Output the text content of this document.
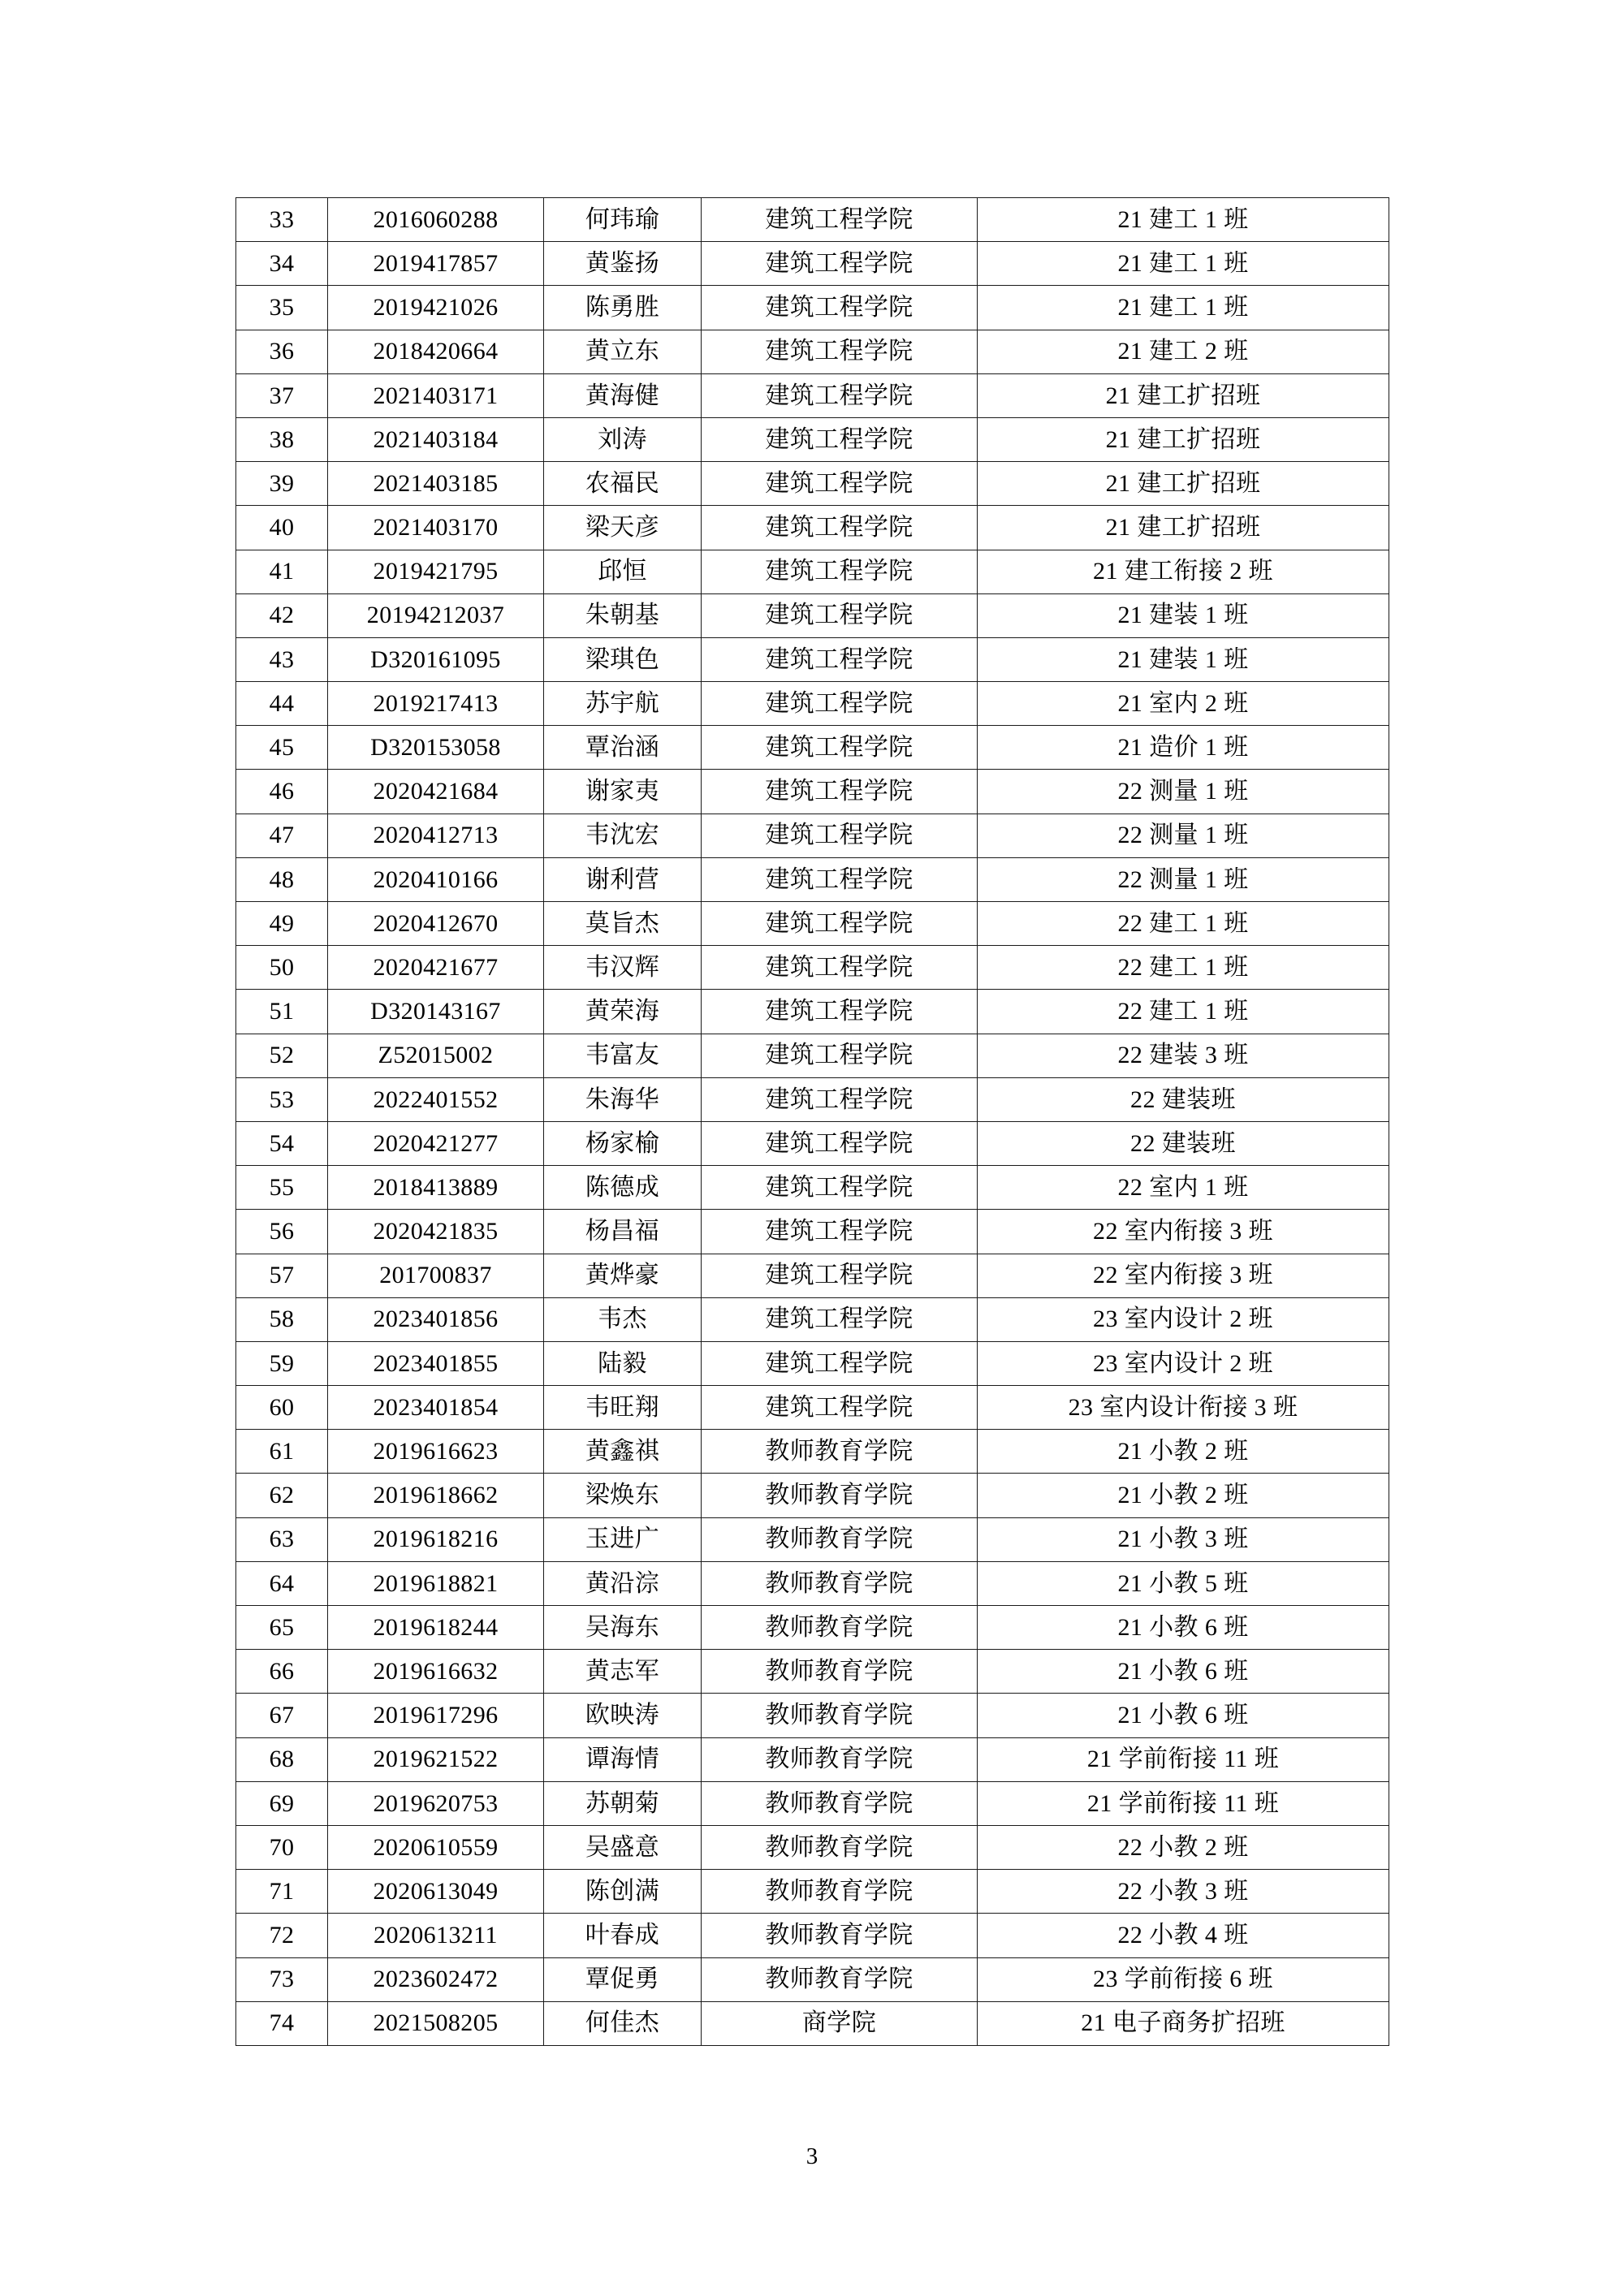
33	2016060288	何玮瑜	建筑工程学院	21 建工 1 班
34	2019417857	黄鉴扬	建筑工程学院	21 建工 1 班
35	2019421026	陈勇胜	建筑工程学院	21 建工 1 班
36	2018420664	黄立东	建筑工程学院	21 建工 2 班
37	2021403171	黄海健	建筑工程学院	21 建工扩招班
38	2021403184	刘涛	建筑工程学院	21 建工扩招班
39	2021403185	农福民	建筑工程学院	21 建工扩招班
40	2021403170	梁天彦	建筑工程学院	21 建工扩招班
41	2019421795	邱恒	建筑工程学院	21 建工衔接 2 班
42	20194212037	朱朝基	建筑工程学院	21 建装 1 班
43	D320161095	梁琪色	建筑工程学院	21 建装 1 班
44	2019217413	苏宇航	建筑工程学院	21 室内 2 班
45	D320153058	覃治涵	建筑工程学院	21 造价 1 班
46	2020421684	谢家夷	建筑工程学院	22 测量 1 班
47	2020412713	韦沈宏	建筑工程学院	22 测量 1 班
48	2020410166	谢利营	建筑工程学院	22 测量 1 班
49	2020412670	莫旨杰	建筑工程学院	22 建工 1 班
50	2020421677	韦汉辉	建筑工程学院	22 建工 1 班
51	D320143167	黄荣海	建筑工程学院	22 建工 1 班
52	Z52015002	韦富友	建筑工程学院	22 建装 3 班
53	2022401552	朱海华	建筑工程学院	22 建装班
54	2020421277	杨家榆	建筑工程学院	22 建装班
55	2018413889	陈德成	建筑工程学院	22 室内 1 班
56	2020421835	杨昌福	建筑工程学院	22 室内衔接 3 班
57	201700837	黄烨豪	建筑工程学院	22 室内衔接 3 班
58	2023401856	韦杰	建筑工程学院	23 室内设计 2 班
59	2023401855	陆毅	建筑工程学院	23 室内设计 2 班
60	2023401854	韦旺翔	建筑工程学院	23 室内设计衔接 3 班
61	2019616623	黄鑫祺	教师教育学院	21 小教 2 班
62	2019618662	梁焕东	教师教育学院	21 小教 2 班
63	2019618216	玉进广	教师教育学院	21 小教 3 班
64	2019618821	黄沿淙	教师教育学院	21 小教 5 班
65	2019618244	吴海东	教师教育学院	21 小教 6 班
66	2019616632	黄志军	教师教育学院	21 小教 6 班
67	2019617296	欧映涛	教师教育学院	21 小教 6 班
68	2019621522	谭海情	教师教育学院	21 学前衔接 11 班
69	2019620753	苏朝菊	教师教育学院	21 学前衔接 11 班
70	2020610559	吴盛意	教师教育学院	22 小教 2 班
71	2020613049	陈创满	教师教育学院	22 小教 3 班
72	2020613211	叶春成	教师教育学院	22 小教 4 班
73	2023602472	覃促勇	教师教育学院	23 学前衔接 6 班
74	2021508205	何佳杰	商学院	21 电子商务扩招班
3
